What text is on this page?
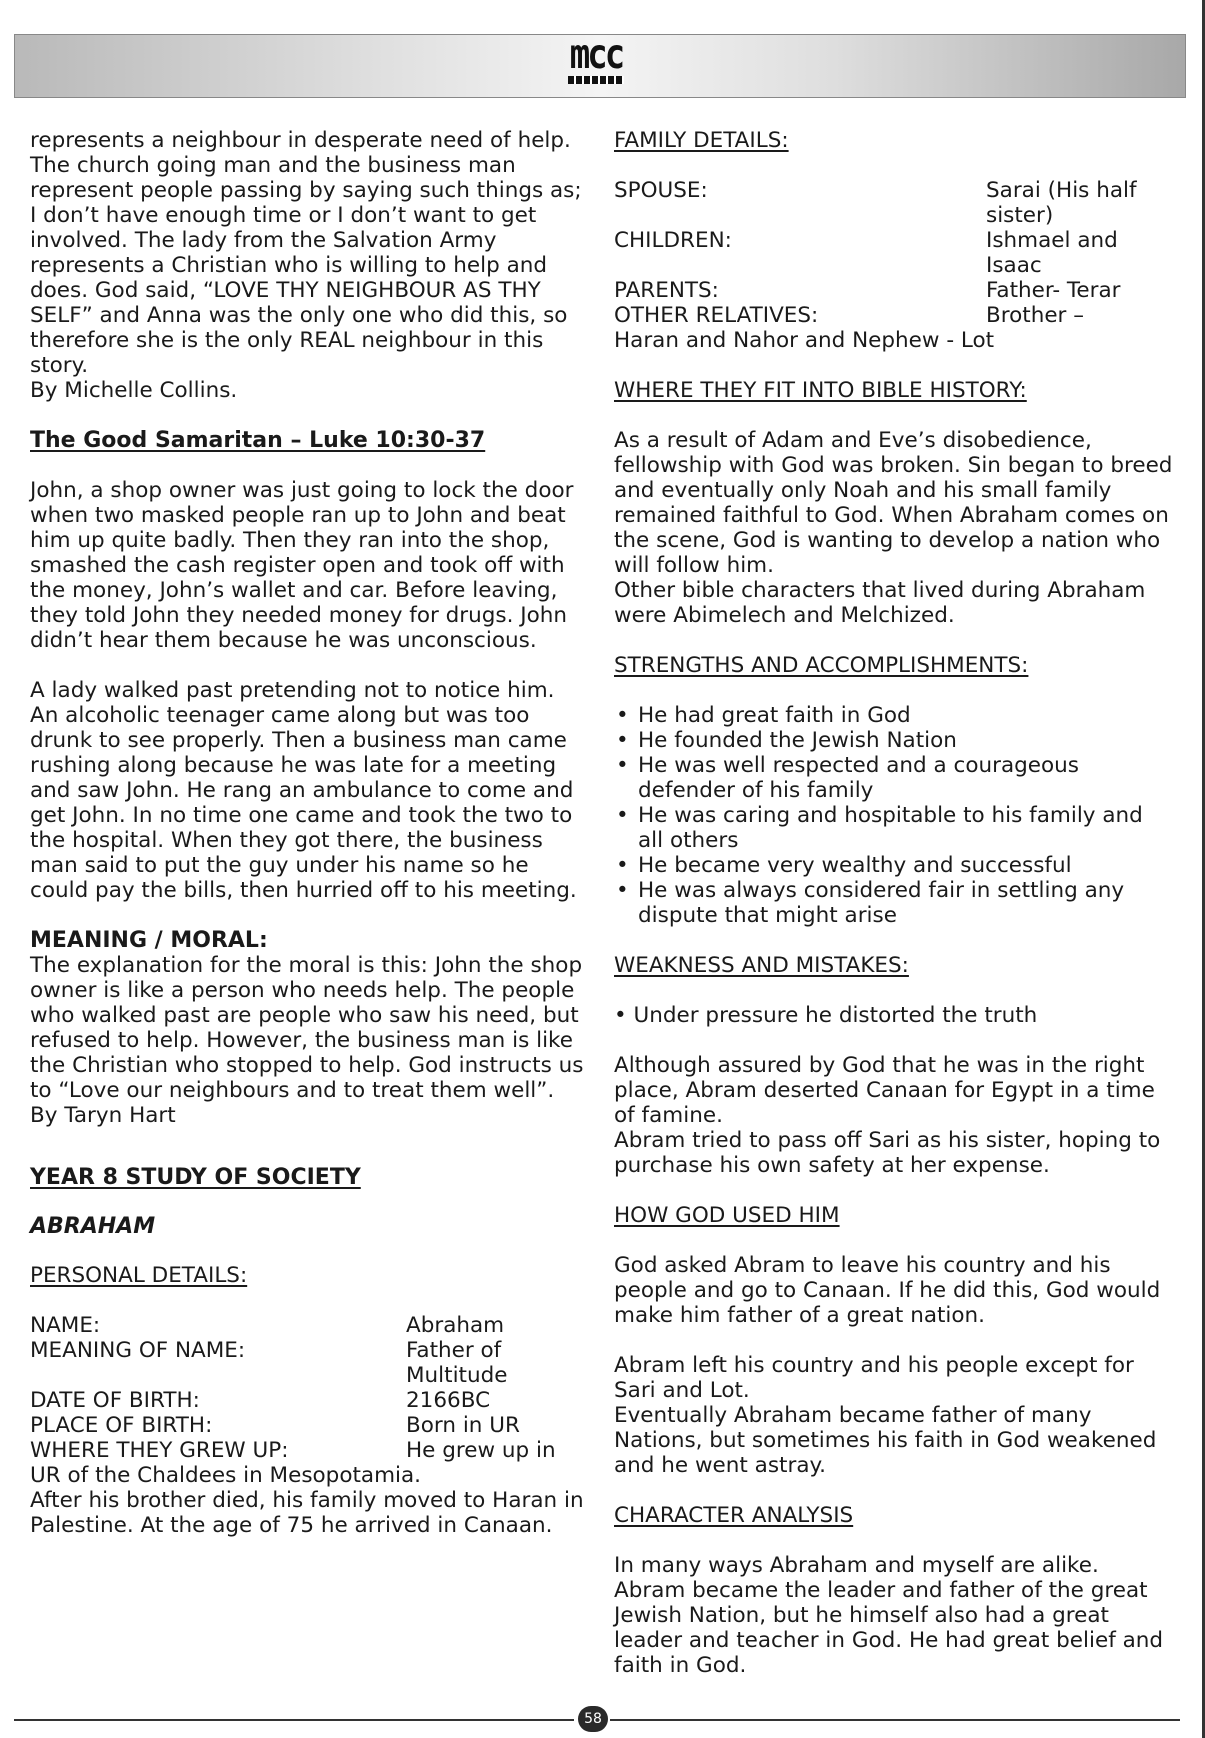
mcc

represents a neighbour in desperate need of help. The church going man and the business man represent people passing by saying such things as; I don’t have enough time or I don’t want to get involved. The lady from the Salvation Army represents a Christian who is willing to help and does. God said, “LOVE THY NEIGHBOUR AS THY SELF” and Anna was the only one who did this, so therefore she is the only REAL neighbour in this story.

By Michelle Collins.

The Good Samaritan – Luke 10:30-37

John, a shop owner was just going to lock the door when two masked people ran up to John and beat him up quite badly. Then they ran into the shop, smashed the cash register open and took off with the money, John’s wallet and car. Before leaving, they told John they needed money for drugs. John didn’t hear them because he was unconscious.

A lady walked past pretending not to notice him. An alcoholic teenager came along but was too drunk to see properly. Then a business man came rushing along because he was late for a meeting and saw John. He rang an ambulance to come and get John. In no time one came and took the two to the hospital. When they got there, the business man said to put the guy under his name so he could pay the bills, then hurried off to his meeting.

MEANING / MORAL:

The explanation for the moral is this: John the shop owner is like a person who needs help. The people who walked past are people who saw his need, but refused to help. However, the business man is like the Christian who stopped to help. God instructs us to “Love our neighbours and to treat them well”.

By Taryn Hart

YEAR 8 STUDY OF SOCIETY

ABRAHAM

PERSONAL DETAILS:

NAME:	Abraham
MEANING OF NAME:	Father of Multitude
DATE OF BIRTH:	2166BC
PLACE OF BIRTH:	Born in UR
WHERE THEY GREW UP:	He grew up in

UR of the Chaldees in Mesopotamia.

After his brother died, his family moved to Haran in Palestine. At the age of 75 he arrived in Canaan.

FAMILY DETAILS:

SPOUSE:	Sarai (His half sister)
CHILDREN:	Ishmael and Isaac
PARENTS:	Father- Terar
OTHER RELATIVES:	Brother –

Haran and Nahor and Nephew - Lot

WHERE THEY FIT INTO BIBLE HISTORY:

As a result of Adam and Eve’s disobedience, fellowship with God was broken. Sin began to breed and eventually only Noah and his small family remained faithful to God. When Abraham comes on the scene, God is wanting to develop a nation who will follow him.

Other bible characters that lived during Abraham were Abimelech and Melchized.

STRENGTHS AND ACCOMPLISHMENTS:

• He had great faith in God
• He founded the Jewish Nation
• He was well respected and a courageous defender of his family
• He was caring and hospitable to his family and all others
• He became very wealthy and successful
• He was always considered fair in settling any dispute that might arise

WEAKNESS AND MISTAKES:

• Under pressure he distorted the truth

Although assured by God that he was in the right place, Abram deserted Canaan for Egypt in a time of famine.

Abram tried to pass off Sari as his sister, hoping to purchase his own safety at her expense.

HOW GOD USED HIM

God asked Abram to leave his country and his people and go to Canaan. If he did this, God would make him father of a great nation.

Abram left his country and his people except for Sari and Lot.

Eventually Abraham became father of many Nations, but sometimes his faith in God weakened and he went astray.

CHARACTER ANALYSIS

In many ways Abraham and myself are alike. Abram became the leader and father of the great Jewish Nation, but he himself also had a great leader and teacher in God. He had great belief and faith in God.

58
